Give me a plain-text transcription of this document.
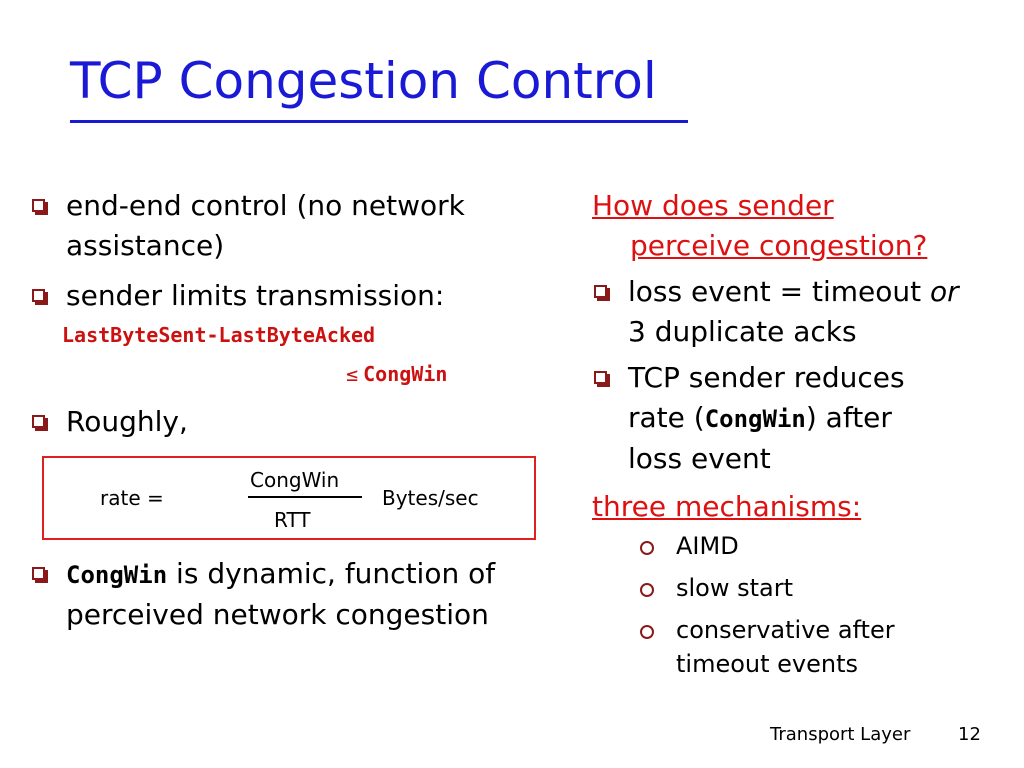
TCP Congestion Control
end-end control (no network assistance)
sender limits transmission:
LastByteSent-LastByteAcked
≤ CongWin
Roughly,
rate =
CongWin
RTT
Bytes/sec
CongWin is dynamic, function of perceived network congestion
How does sender
perceive congestion?
loss event = timeout or
3 duplicate acks
TCP sender reduces
rate (CongWin) after
loss event
three mechanisms:
AIMD
slow start
conservative after
timeout events
Transport Layer	12
